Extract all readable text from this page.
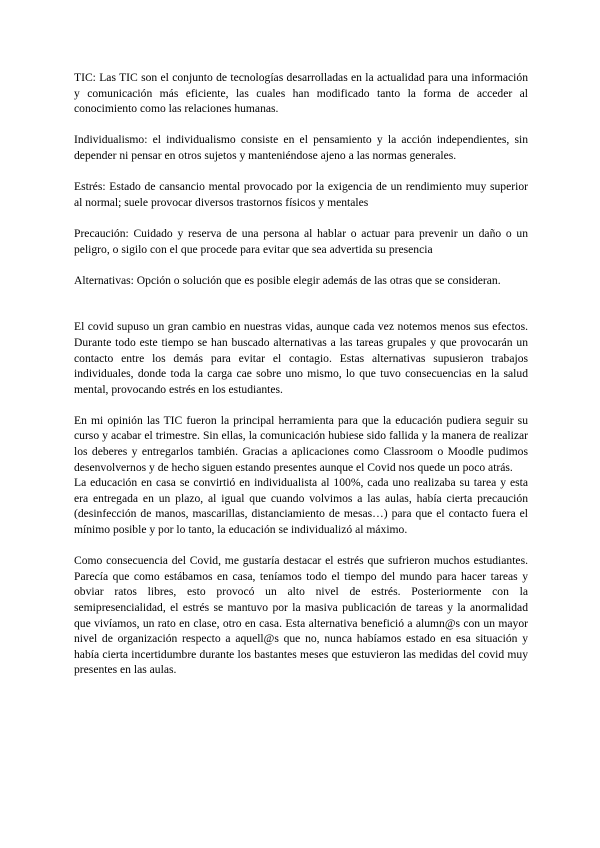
TIC: Las TIC son el conjunto de tecnologías desarrolladas en la actualidad para una información y comunicación más eficiente, las cuales han modificado tanto la forma de acceder al conocimiento como las relaciones humanas.

Individualismo: el individualismo consiste en el pensamiento y la acción independientes, sin depender ni pensar en otros sujetos y manteniéndose ajeno a las normas generales.

Estrés: Estado de cansancio mental provocado por la exigencia de un rendimiento muy superior al normal; suele provocar diversos trastornos físicos y mentales

Precaución: Cuidado y reserva de una persona al hablar o actuar para prevenir un daño o un peligro, o sigilo con el que procede para evitar que sea advertida su presencia

Alternativas: Opción o solución que es posible elegir además de las otras que se consideran.

El covid supuso un gran cambio en nuestras vidas, aunque cada vez notemos menos sus efectos. Durante todo este tiempo se han buscado alternativas a las tareas grupales y que provocarán un contacto entre los demás para evitar el contagio. Estas alternativas supusieron trabajos individuales, donde toda la carga cae sobre uno mismo, lo que tuvo consecuencias en la salud mental, provocando estrés en los estudiantes.

En mi opinión las TIC fueron la principal herramienta para que la educación pudiera seguir su curso y acabar el trimestre. Sin ellas, la comunicación hubiese sido fallida y la manera de realizar los deberes y entregarlos también. Gracias a aplicaciones como Classroom o Moodle pudimos desenvolvernos y de hecho siguen estando presentes aunque el Covid nos quede un poco atrás.

La educación en casa se convirtió en individualista al 100%, cada uno realizaba su tarea y esta era entregada en un plazo, al igual que cuando volvimos a las aulas, había cierta precaución (desinfección de manos, mascarillas, distanciamiento de mesas…) para que el contacto fuera el mínimo posible y por lo tanto, la educación se individualizó al máximo.

Como consecuencia del Covid, me gustaría destacar el estrés que sufrieron muchos estudiantes. Parecía que como estábamos en casa, teníamos todo el tiempo del mundo para hacer tareas y obviar ratos libres, esto provocó un alto nivel de estrés. Posteriormente con la semipresencialidad, el estrés se mantuvo por la masiva publicación de tareas y la anormalidad que vivíamos, un rato en clase, otro en casa. Esta alternativa benefició a alumn@s con un mayor nivel de organización respecto a aquell@s que no, nunca habíamos estado en esa situación y había cierta incertidumbre durante los bastantes meses que estuvieron las medidas del covid muy presentes en las aulas.
